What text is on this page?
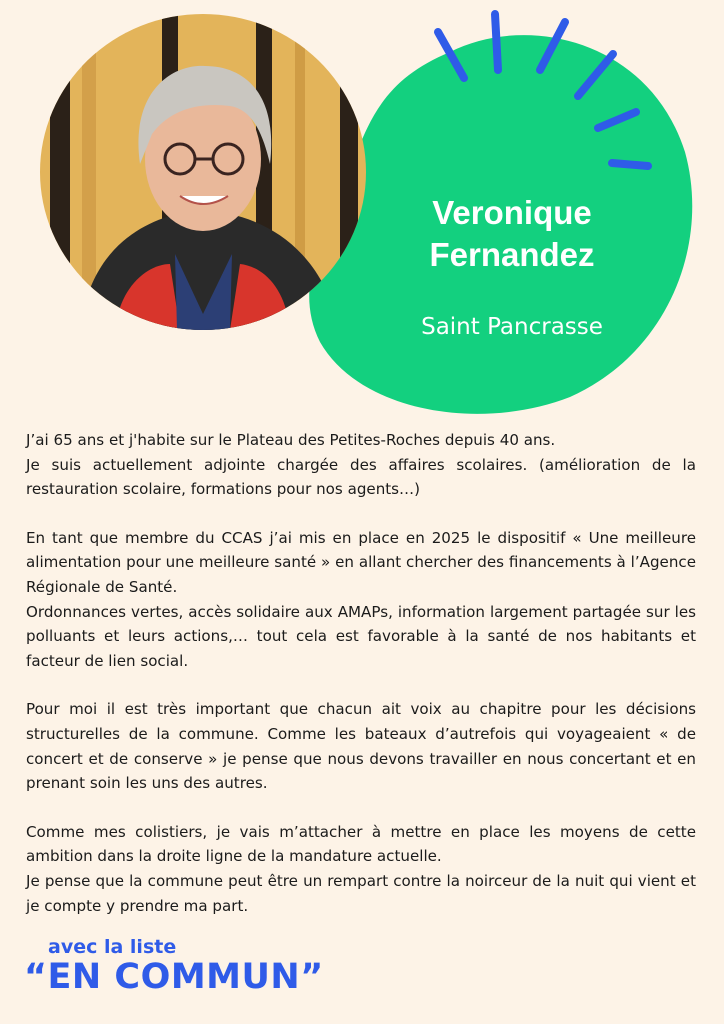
Veronique
Fernandez
Saint Pancrasse

J’ai 65 ans et j'habite sur le Plateau des Petites-Roches depuis 40 ans.

Je suis actuellement adjointe chargée des affaires scolaires. (amélioration de la restauration scolaire, formations pour nos agents…)

En tant que membre du CCAS j’ai mis en place en 2025 le dispositif « Une meilleure alimentation pour une meilleure santé » en allant chercher des financements à l’Agence Régionale de Santé.

Ordonnances vertes, accès solidaire aux AMAPs, information largement partagée sur les polluants et leurs actions,… tout cela est favorable à la santé de nos habitants et facteur de lien social.

Pour moi il est très important que chacun ait voix au chapitre pour les décisions structurelles de la commune. Comme les bateaux d’autrefois qui voyageaient « de concert et de conserve » je pense que nous devons travailler en nous concertant et en prenant soin les uns des autres.

Comme mes colistiers, je vais m’attacher à mettre en place les moyens de cette ambition dans la droite ligne de la mandature actuelle.

Je pense que la commune peut être un rempart contre la noirceur de la nuit qui vient et je compte y prendre ma part.

avec la liste
“EN COMMUN”
